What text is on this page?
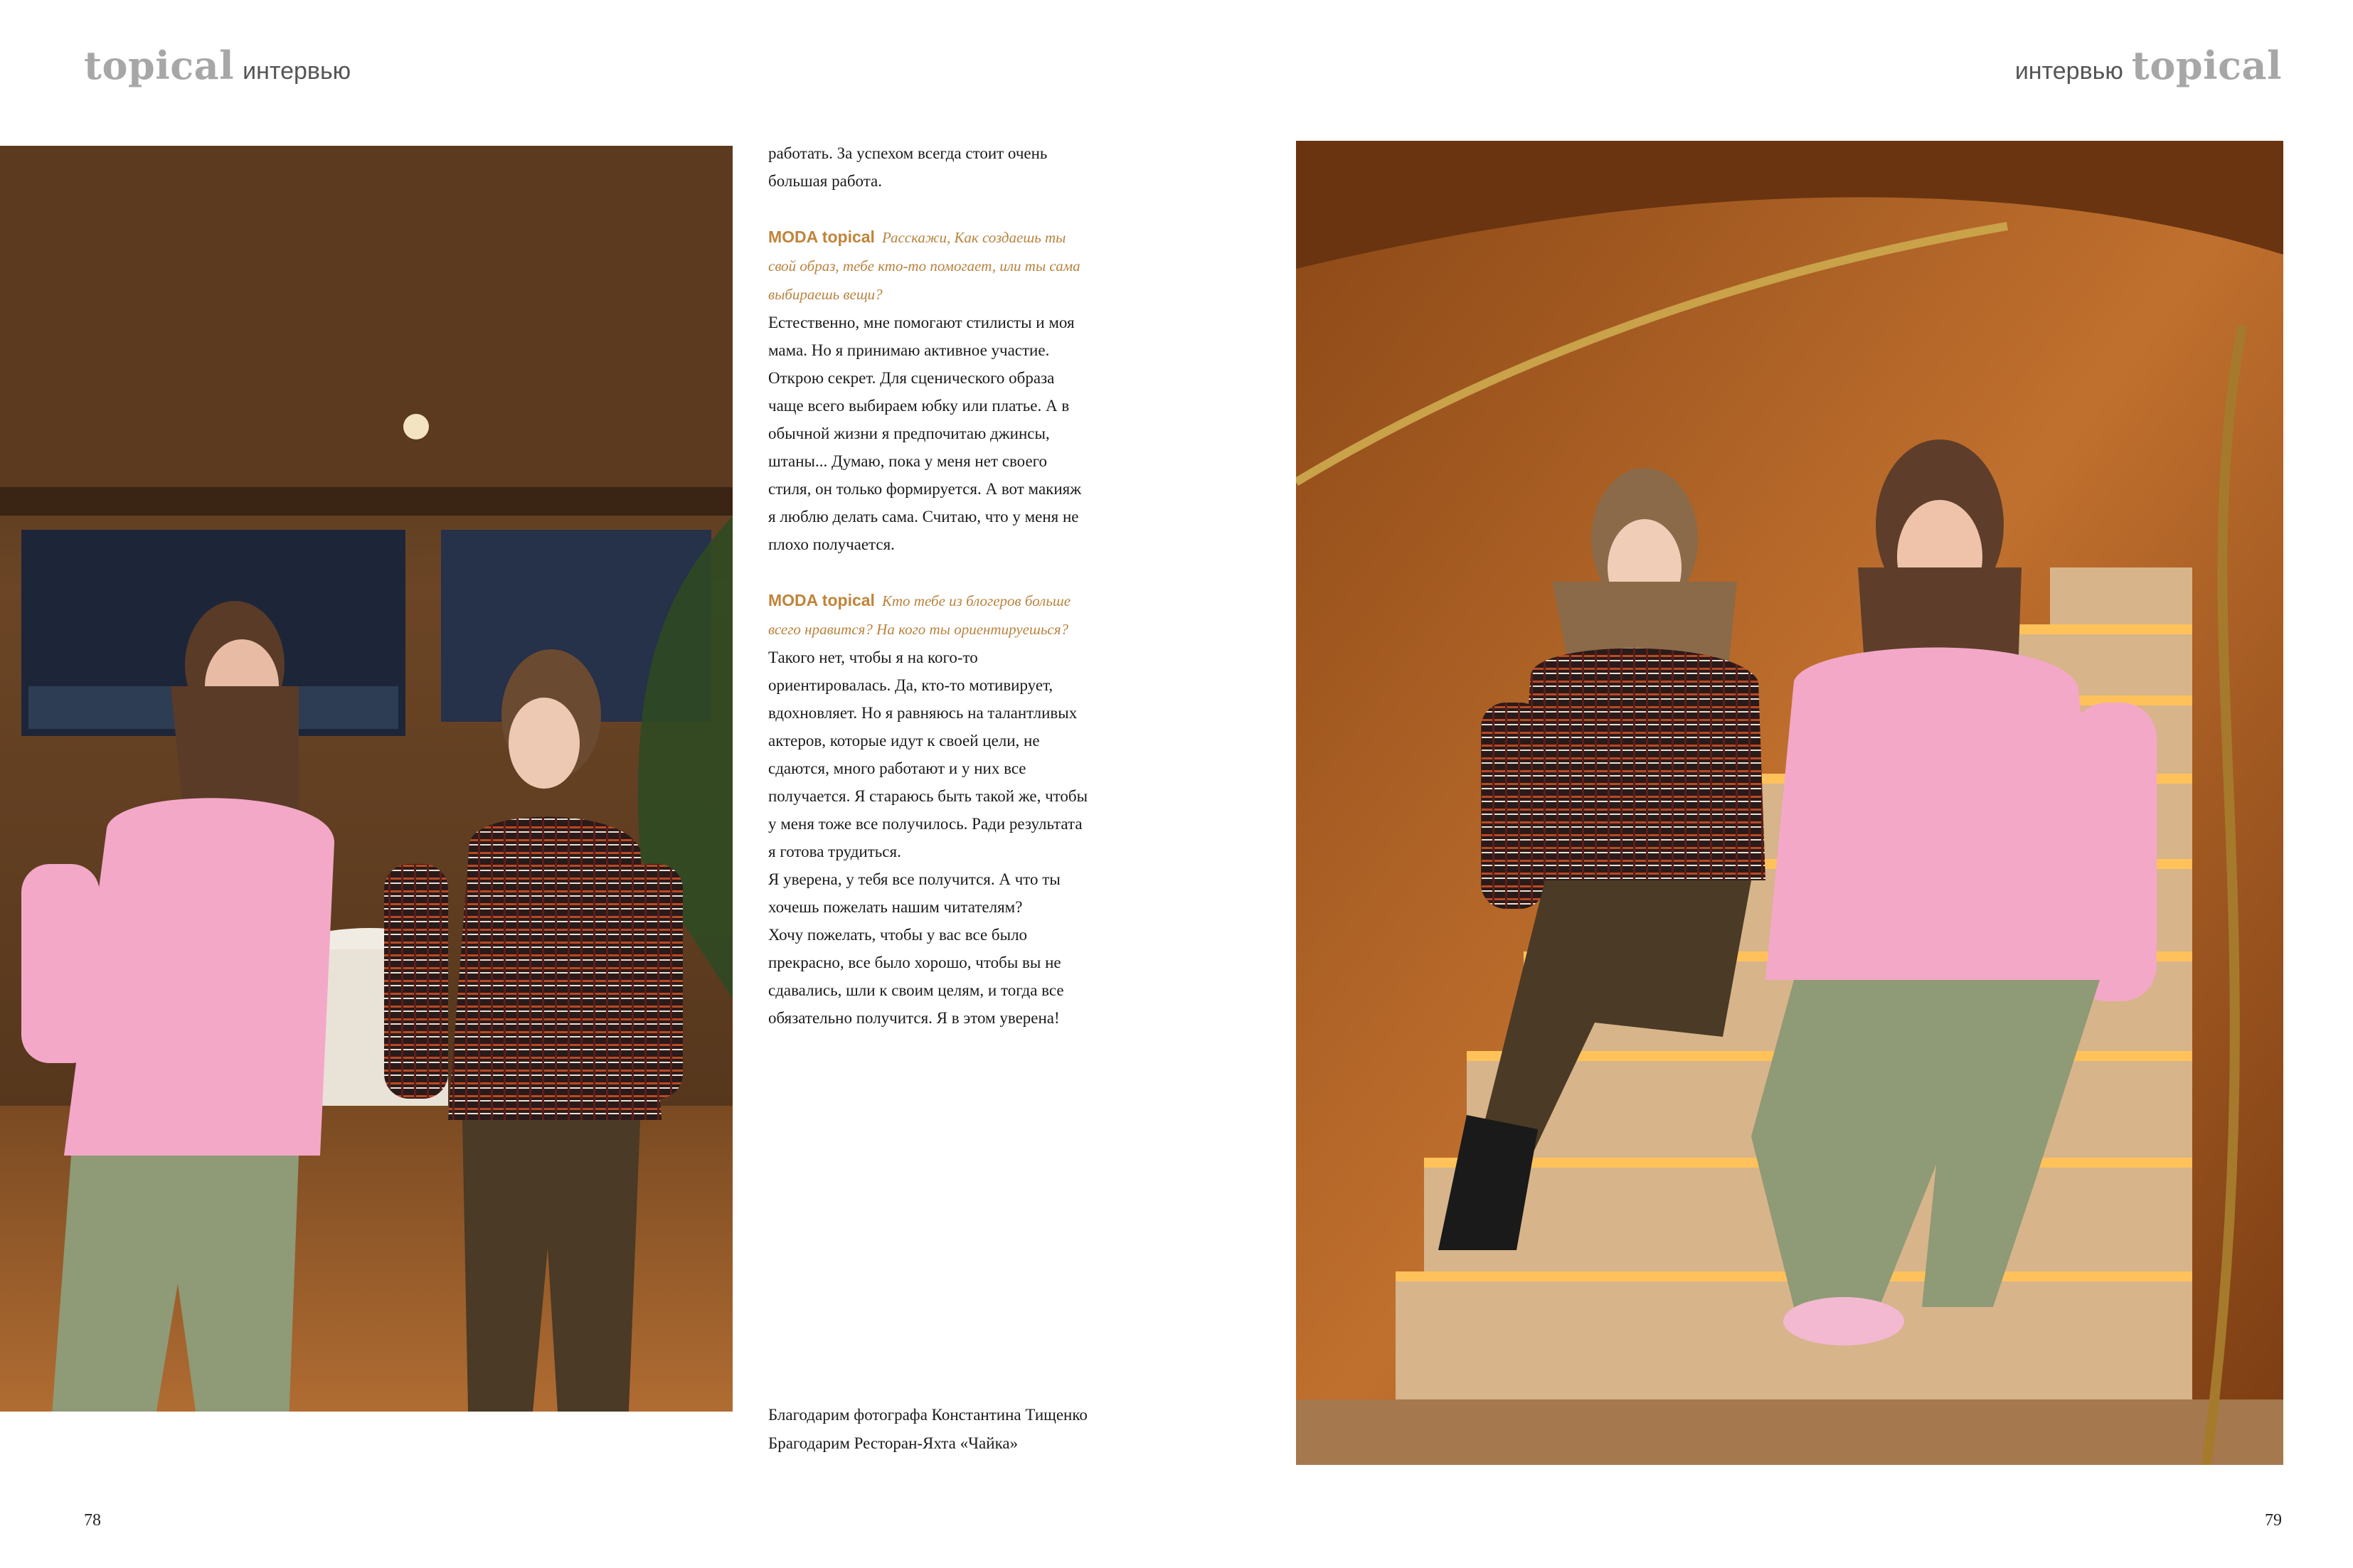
topical интервью	интервью topical

работать. За успехом всегда стоит очень большая работа.

MODA topical Расскажи, Как создаешь ты свой образ, тебе кто-то помогает, или ты сама выбираешь вещи?

Естественно, мне помогают стилисты и моя мама. Но я принимаю активное участие. Открою секрет. Для сценического образа чаще всего выбираем юбку или платье. А в обычной жизни я предпочитаю джинсы, штаны... Думаю, пока у меня нет своего стиля, он только формируется. А вот макияж я люблю делать сама. Считаю, что у меня не плохо получается.

MODA topical Кто тебе из блогеров больше всего нравится? На кого ты ориентируешься?

Такого нет, чтобы я на кого-то ориентировалась. Да, кто-то мотивирует, вдохновляет. Но я равняюсь на талантливых актеров, которые идут к своей цели, не сдаются, много работают и у них все получается. Я стараюсь быть такой же, чтобы у меня тоже все получилось. Ради результата я готова трудиться.

Я уверена, у тебя все получится. А что ты хочешь пожелать нашим читателям?

Хочу пожелать, чтобы у вас все было прекрасно, все было хорошо, чтобы вы не сдавались, шли к своим целям, и тогда все обязательно получится. Я в этом уверена!

Благодарим фотографа Константина Тищенко

Брагодарим Ресторан-Яхта «Чайка»

78	79
